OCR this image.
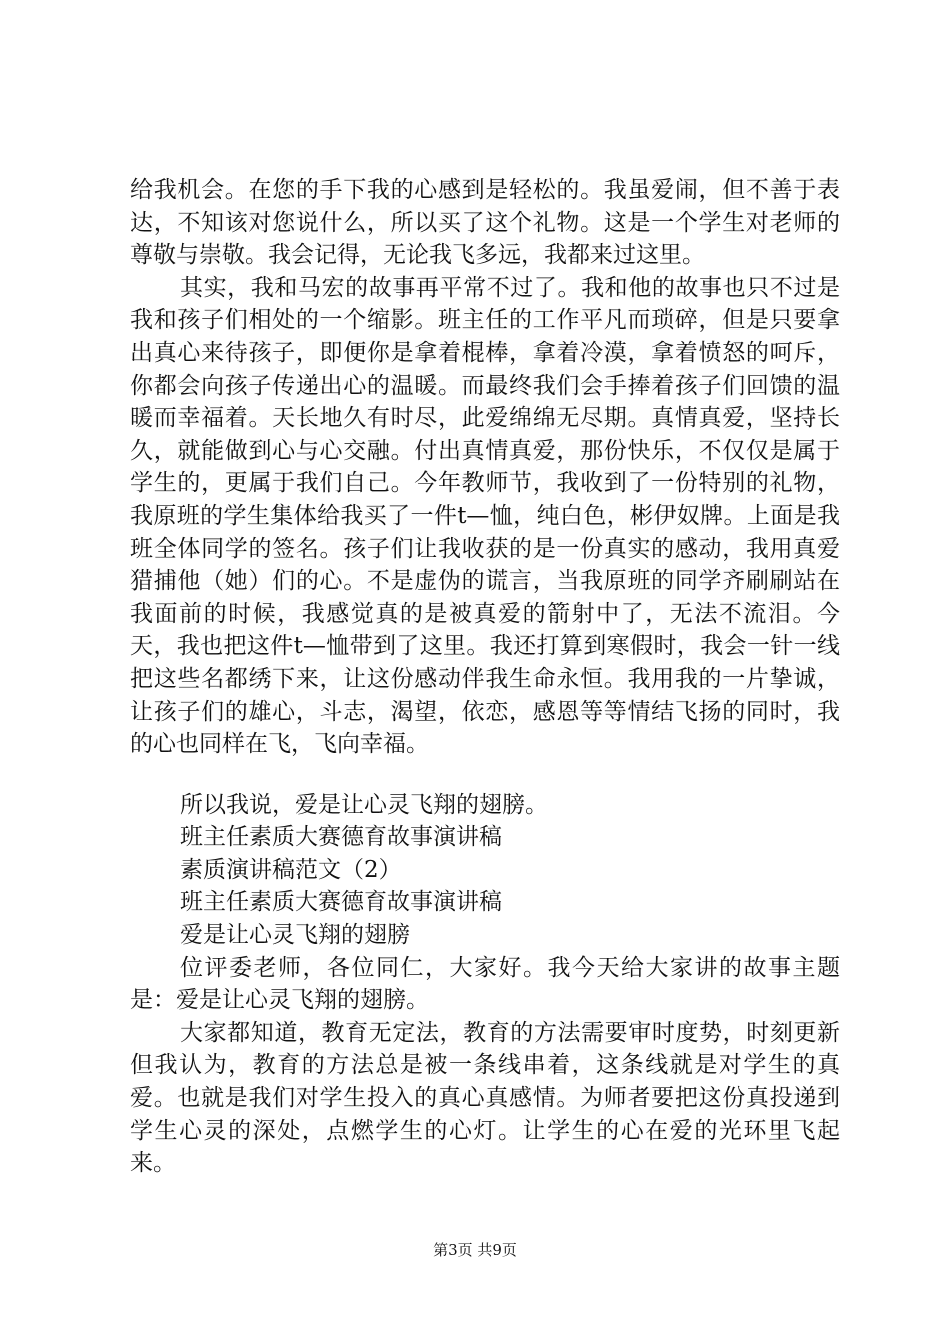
给我机会。在您的手下我的心感到是轻松的。我虽爱闹，但不善于表达，不知该对您说什么，所以买了这个礼物。这是一个学生对老师的尊敬与崇敬。我会记得，无论我飞多远，我都来过这里。

其实，我和马宏的故事再平常不过了。我和他的故事也只不过是我和孩子们相处的一个缩影。班主任的工作平凡而琐碎，但是只要拿出真心来待孩子，即便你是拿着棍棒，拿着冷漠，拿着愤怒的呵斥，你都会向孩子传递出心的温暖。而最终我们会手捧着孩子们回馈的温暖而幸福着。天长地久有时尽，此爱绵绵无尽期。真情真爱，坚持长久，就能做到心与心交融。付出真情真爱，那份快乐，不仅仅是属于学生的，更属于我们自己。今年教师节，我收到了一份特别的礼物，我原班的学生集体给我买了一件t—恤，纯白色，彬伊奴牌。上面是我班全体同学的签名。孩子们让我收获的是一份真实的感动，我用真爱猎捕他（她）们的心。不是虚伪的谎言，当我原班的同学齐刷刷站在我面前的时候，我感觉真的是被真爱的箭射中了，无法不流泪。今天，我也把这件t—恤带到了这里。我还打算到寒假时，我会一针一线把这些名都绣下来，让这份感动伴我生命永恒。我用我的一片挚诚，让孩子们的雄心，斗志，渴望，依恋，感恩等等情结飞扬的同时，我的心也同样在飞，飞向幸福。

所以我说，爱是让心灵飞翔的翅膀。

班主任素质大赛德育故事演讲稿

素质演讲稿范文（2）

班主任素质大赛德育故事演讲稿

爱是让心灵飞翔的翅膀

位评委老师，各位同仁，大家好。我今天给大家讲的故事主题是：爱是让心灵飞翔的翅膀。

大家都知道，教育无定法，教育的方法需要审时度势，时刻更新但我认为，教育的方法总是被一条线串着，这条线就是对学生的真爱。也就是我们对学生投入的真心真感情。为师者要把这份真投递到学生心灵的深处，点燃学生的心灯。让学生的心在爱的光环里飞起来。

第3页 共9页
